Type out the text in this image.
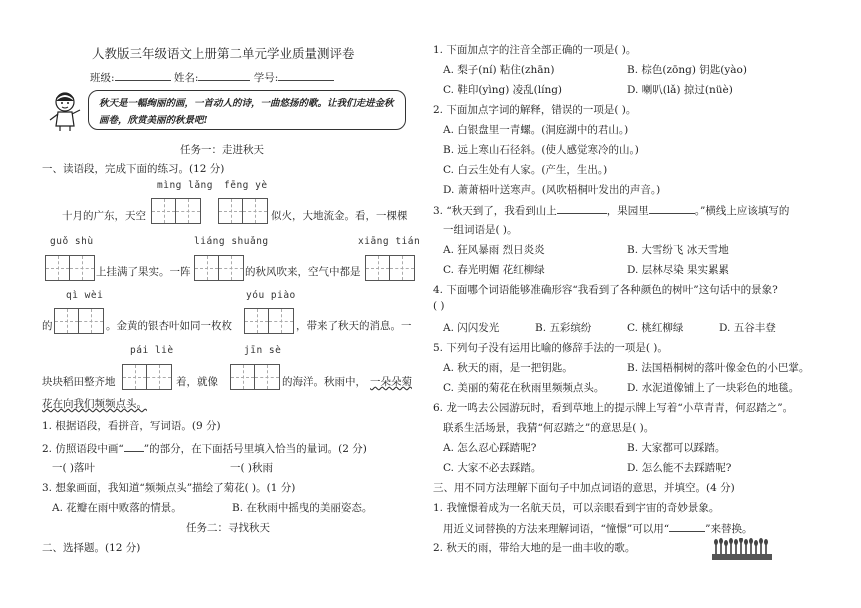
人教版三年级语文上册第二单元学业质量测评卷
班级:	姓名:	学号:
秋天是一幅绚丽的画，一首动人的诗，一曲悠扬的歌。让我们走进金秋画卷，欣赏美丽的秋景吧!
任务一：走进秋天
一、读语段，完成下面的练习。(12 分)
mìng lǎng fēng yè
十月的广东，天空	似火，大地流金。看，一棵棵
guǒ shù	liáng shuǎng	xiāng tián
上挂满了果实。一阵	的秋风吹来，空气中都是
qì wèi	yóu piào
的	。金黄的银杏叶如同一枚枚	，带来了秋天的消息。一
pái liè	jīn sè
块块稻田整齐地	着，就像	的海洋。秋雨中， 一朵朵菊
花在向我们频频点头。
1. 根据语段，看拼音，写词语。(9 分)
2. 仿照语段中画“ ”的部分，在下面括号里填入恰当的量词。(2 分)
一( )落叶	一( )秋雨
3. 想象画面，我知道“频频点头”描绘了菊花( )。(1 分)
A. 花瓣在雨中败落的情景。	B. 在秋雨中摇曳的美丽姿态。
任务二：寻找秋天
二、选择题。(12 分)
1. 下面加点字的注音全部正确的一项是( )。
A. 梨子(ní) 粘住(zhān)	B. 棕色(zōng) 钥匙(yào)
C. 鞋印(yìng) 凌乱(líng)	D. 喇叭(lǎ) 掠过(nüè)
2. 下面加点字词的解释，错误的一项是( )。
A. 白银盘里一青螺。(洞庭湖中的君山。)
B. 远上寒山石径斜。(使人感觉寒冷的山。)
C. 白云生处有人家。(产生，生出。)
D. 萧萧梧叶送寒声。(风吹梧桐叶发出的声音。)
3. “秋天到了，我看到山上	，果园里	。”横线上应该填写的
一组词语是( )。
A. 狂风暴雨 烈日炎炎	B. 大雪纷飞 冰天雪地
C. 春光明媚 花红柳绿	D. 层林尽染 果实累累
4. 下面哪个词语能够准确形容“我看到了各种颜色的树叶”这句话中的景象?
( )
A. 闪闪发光	B. 五彩缤纷	C. 桃红柳绿	D. 五谷丰登
5. 下列句子没有运用比喻的修辞手法的一项是( )。
A. 秋天的雨，是一把钥匙。	B. 法国梧桐树的落叶像金色的小巴掌。
C. 美丽的菊花在秋雨里频频点头。 D. 水泥道像铺上了一块彩色的地毯。
6. 龙一鸣去公园游玩时，看到草地上的提示牌上写着“小草青青，何忍踏之”。
联系生活场景，我猜“何忍踏之”的意思是( )。
A. 怎么忍心踩踏呢?	B. 大家都可以踩踏。
C. 大家不必去踩踏。	D. 怎么能不去踩踏呢?
三、用不同方法理解下面句子中加点词语的意思，并填空。(4 分)
1. 我憧憬着成为一名航天员，可以亲眼看到宇宙的奇妙景象。
用近义词替换的方法来理解词语，“憧憬”可以用“	”来替换。
2. 秋天的雨，带给大地的是一曲丰收的歌。
